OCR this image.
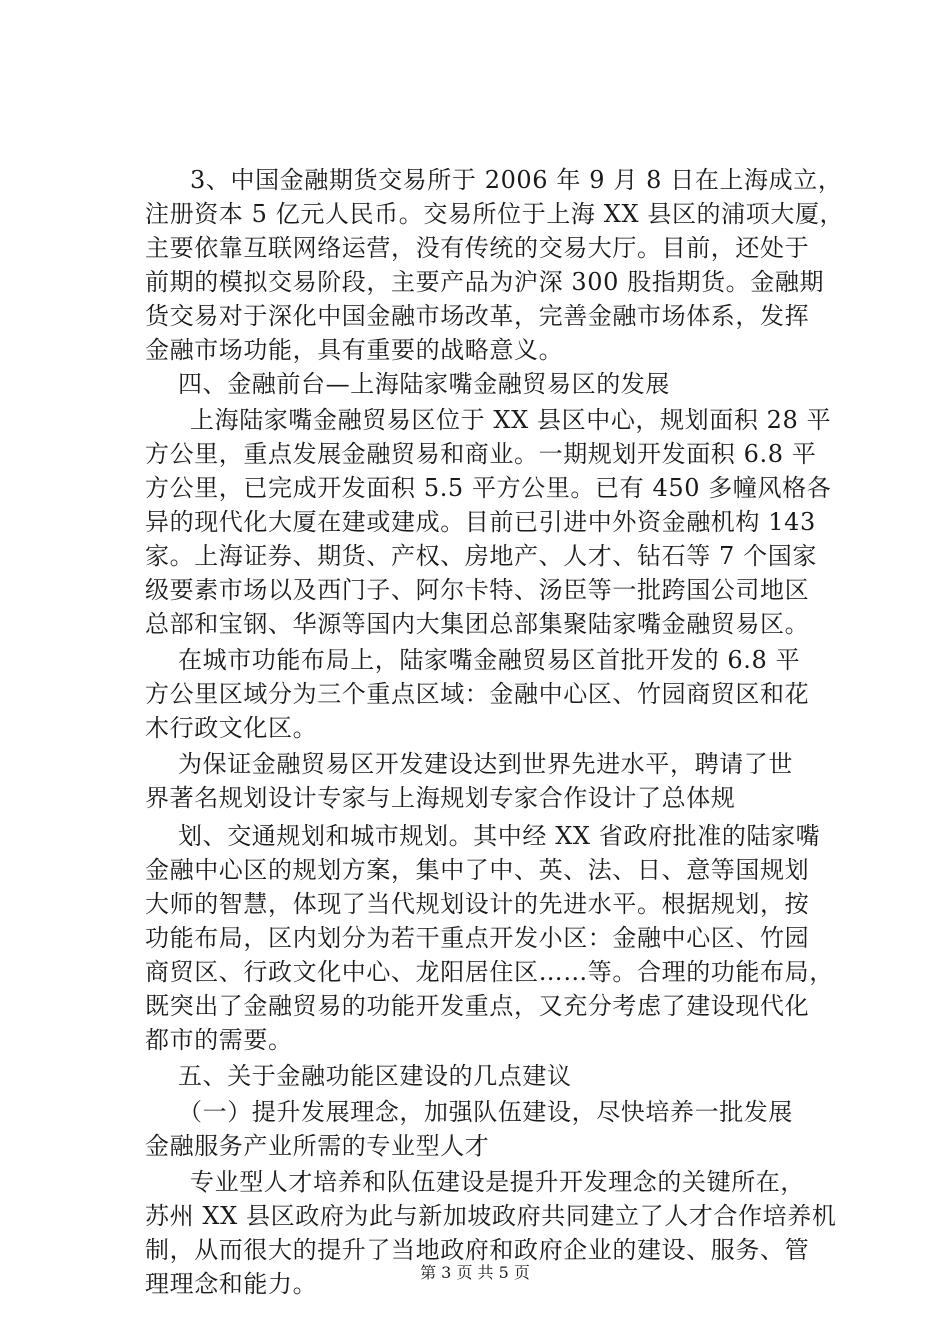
3、中国金融期货交易所于 2006 年 9 月 8 日在上海成立，
注册资本 5 亿元人民币。交易所位于上海 XX 县区的浦项大厦，
主要依靠互联网络运营，没有传统的交易大厅。目前，还处于
前期的模拟交易阶段，主要产品为沪深 300 股指期货。金融期
货交易对于深化中国金融市场改革，完善金融市场体系，发挥
金融市场功能，具有重要的战略意义。
四、金融前台—上海陆家嘴金融贸易区的发展
上海陆家嘴金融贸易区位于 XX 县区中心，规划面积 28 平
方公里，重点发展金融贸易和商业。一期规划开发面积 6.8 平
方公里，已完成开发面积 5.5 平方公里。已有 450 多幢风格各
异的现代化大厦在建或建成。目前已引进中外资金融机构 143
家。上海证券、期货、产权、房地产、人才、钻石等 7 个国家
级要素市场以及西门子、阿尔卡特、汤臣等一批跨国公司地区
总部和宝钢、华源等国内大集团总部集聚陆家嘴金融贸易区。
在城市功能布局上，陆家嘴金融贸易区首批开发的 6.8 平
方公里区域分为三个重点区域：金融中心区、竹园商贸区和花
木行政文化区。
为保证金融贸易区开发建设达到世界先进水平，聘请了世
界著名规划设计专家与上海规划专家合作设计了总体规
划、交通规划和城市规划。其中经 XX 省政府批准的陆家嘴
金融中心区的规划方案，集中了中、英、法、日、意等国规划
大师的智慧，体现了当代规划设计的先进水平。根据规划，按
功能布局，区内划分为若干重点开发小区：金融中心区、竹园
商贸区、行政文化中心、龙阳居住区……等。合理的功能布局，
既突出了金融贸易的功能开发重点，又充分考虑了建设现代化
都市的需要。
五、关于金融功能区建设的几点建议
（一）提升发展理念，加强队伍建设，尽快培养一批发展
金融服务产业所需的专业型人才
专业型人才培养和队伍建设是提升开发理念的关键所在，
苏州 XX 县区政府为此与新加坡政府共同建立了人才合作培养机
制，从而很大的提升了当地政府和政府企业的建设、服务、管
理理念和能力。	第 3 页 共 5 页
